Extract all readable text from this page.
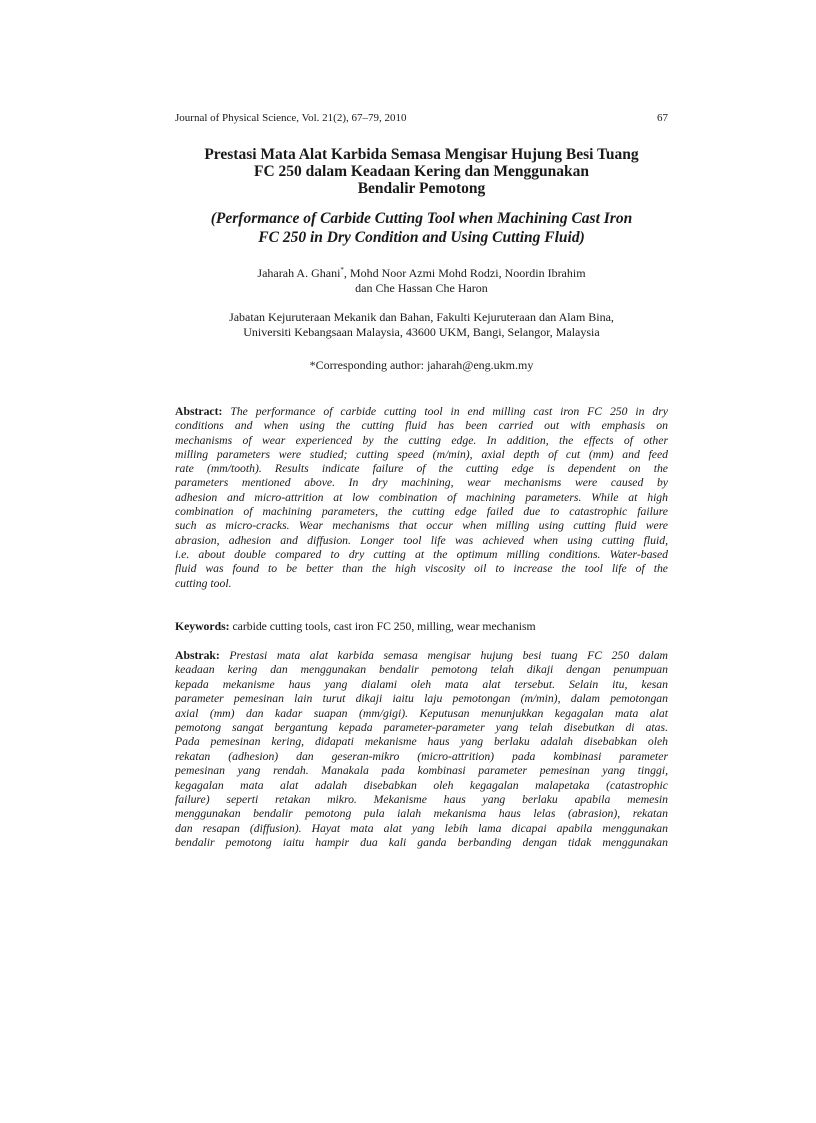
Journal of Physical Science, Vol. 21(2), 67–79, 2010	67
Prestasi Mata Alat Karbida Semasa Mengisar Hujung Besi Tuang
FC 250 dalam Keadaan Kering dan Menggunakan
Bendalir Pemotong
(Performance of Carbide Cutting Tool when Machining Cast Iron
FC 250 in Dry Condition and Using Cutting Fluid)
Jaharah A. Ghani*, Mohd Noor Azmi Mohd Rodzi, Noordin Ibrahim
dan Che Hassan Che Haron
Jabatan Kejuruteraan Mekanik dan Bahan, Fakulti Kejuruteraan dan Alam Bina,
Universiti Kebangsaan Malaysia, 43600 UKM, Bangi, Selangor, Malaysia
*Corresponding author: jaharah@eng.ukm.my
Abstract: The performance of carbide cutting tool in end milling cast iron FC 250 in dry
conditions and when using the cutting fluid has been carried out with emphasis on
mechanisms of wear experienced by the cutting edge. In addition, the effects of other
milling parameters were studied; cutting speed (m/min), axial depth of cut (mm) and feed
rate (mm/tooth). Results indicate failure of the cutting edge is dependent on the
parameters mentioned above. In dry machining, wear mechanisms were caused by
adhesion and micro-attrition at low combination of machining parameters. While at high
combination of machining parameters, the cutting edge failed due to catastrophic failure
such as micro-cracks. Wear mechanisms that occur when milling using cutting fluid were
abrasion, adhesion and diffusion. Longer tool life was achieved when using cutting fluid,
i.e. about double compared to dry cutting at the optimum milling conditions. Water-based
fluid was found to be better than the high viscosity oil to increase the tool life of the
cutting tool.
Keywords: carbide cutting tools, cast iron FC 250, milling, wear mechanism
Abstrak: Prestasi mata alat karbida semasa mengisar hujung besi tuang FC 250 dalam
keadaan kering dan menggunakan bendalir pemotong telah dikaji dengan penumpuan
kepada mekanisme haus yang dialami oleh mata alat tersebut. Selain itu, kesan
parameter pemesinan lain turut dikaji iaitu laju pemotongan (m/min), dalam pemotongan
axial (mm) dan kadar suapan (mm/gigi). Keputusan menunjukkan kegagalan mata alat
pemotong sangat bergantung kepada parameter-parameter yang telah disebutkan di atas.
Pada pemesinan kering, didapati mekanisme haus yang berlaku adalah disebabkan oleh
rekatan (adhesion) dan geseran-mikro (micro-attrition) pada kombinasi parameter
pemesinan yang rendah. Manakala pada kombinasi parameter pemesinan yang tinggi,
kegagalan mata alat adalah disebabkan oleh kegagalan malapetaka (catastrophic
failure) seperti retakan mikro. Mekanisme haus yang berlaku apabila memesin
menggunakan bendalir pemotong pula ialah mekanisma haus lelas (abrasion), rekatan
dan resapan (diffusion). Hayat mata alat yang lebih lama dicapai apabila menggunakan
bendalir pemotong iaitu hampir dua kali ganda berbanding dengan tidak menggunakan
